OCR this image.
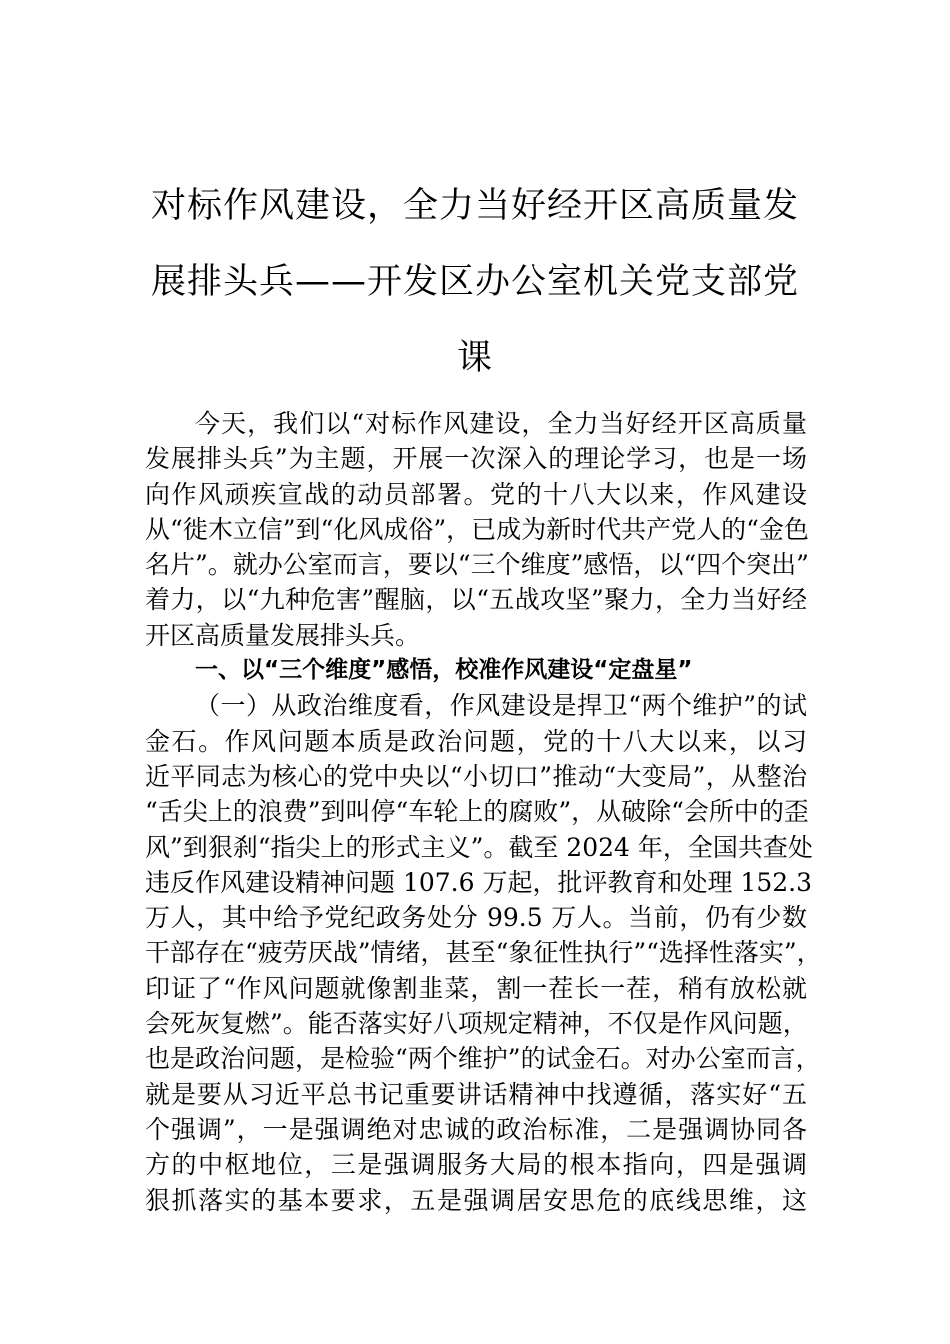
对标作风建设，全力当好经开区高质量发
展排头兵——开发区办公室机关党支部党
课
今天，我们以“对标作风建设，全力当好经开区高质量
发展排头兵”为主题，开展一次深入的理论学习，也是一场
向作风顽疾宣战的动员部署。党的十八大以来，作风建设
从“徙木立信”到“化风成俗”，已成为新时代共产党人的“金色
名片”。就办公室而言，要以“三个维度”感悟，以“四个突出”
着力，以“九种危害”醒脑，以“五战攻坚”聚力，全力当好经
开区高质量发展排头兵。
一、以“三个维度”感悟，校准作风建设“定盘星”
（一）从政治维度看，作风建设是捍卫“两个维护”的试
金石。作风问题本质是政治问题，党的十八大以来，以习
近平同志为核心的党中央以“小切口”推动“大变局”，从整治
“舌尖上的浪费”到叫停“车轮上的腐败”，从破除“会所中的歪
风”到狠刹“指尖上的形式主义”。截至 2024 年，全国共查处
违反作风建设精神问题 107.6 万起，批评教育和处理 152.3
万人，其中给予党纪政务处分 99.5 万人。当前，仍有少数
干部存在“疲劳厌战”情绪，甚至“象征性执行”“选择性落实”，
印证了“作风问题就像割韭菜，割一茬长一茬，稍有放松就
会死灰复燃”。能否落实好八项规定精神，不仅是作风问题，
也是政治问题，是检验“两个维护”的试金石。对办公室而言，
就是要从习近平总书记重要讲话精神中找遵循，落实好“五
个强调”，一是强调绝对忠诚的政治标准，二是强调协同各
方的中枢地位，三是强调服务大局的根本指向，四是强调
狠抓落实的基本要求，五是强调居安思危的底线思维，这
